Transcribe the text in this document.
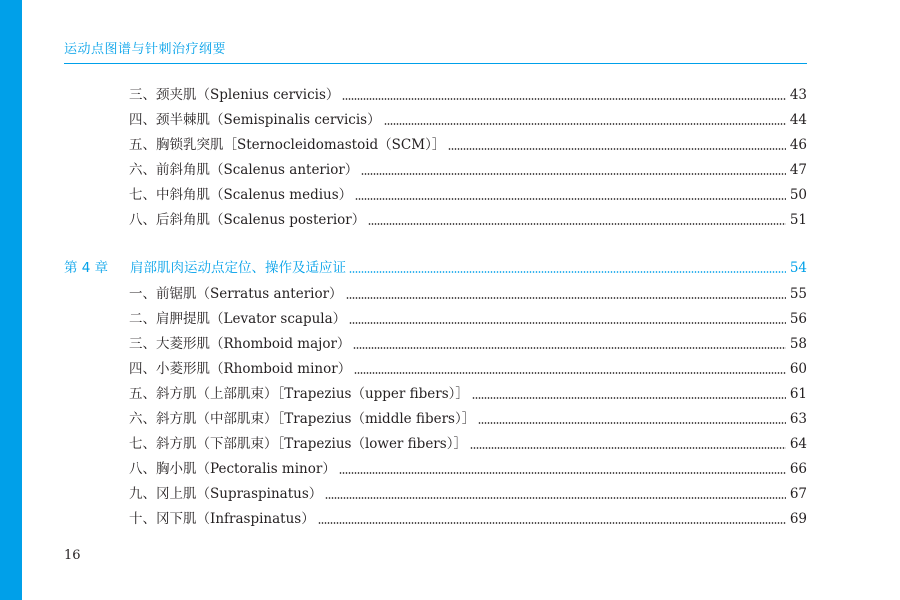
运动点图谱与针刺治疗纲要
三、颈夹肌（Splenius cervicis）	43
四、颈半棘肌（Semispinalis cervicis）	44
五、胸锁乳突肌［Sternocleidomastoid（SCM）］	46
六、前斜角肌（Scalenus anterior）	47
七、中斜角肌（Scalenus medius）	50
八、后斜角肌（Scalenus posterior）	51
第 4 章	肩部肌肉运动点定位、操作及适应证	54
一、前锯肌（Serratus anterior）	55
二、肩胛提肌（Levator scapula）	56
三、大菱形肌（Rhomboid major）	58
四、小菱形肌（Rhomboid minor）	60
五、斜方肌（上部肌束）［Trapezius（upper fibers）］	61
六、斜方肌（中部肌束）［Trapezius（middle fibers）］	63
七、斜方肌（下部肌束）［Trapezius（lower fibers）］	64
八、胸小肌（Pectoralis minor）	66
九、冈上肌（Supraspinatus）	67
十、冈下肌（Infraspinatus）	69
16
